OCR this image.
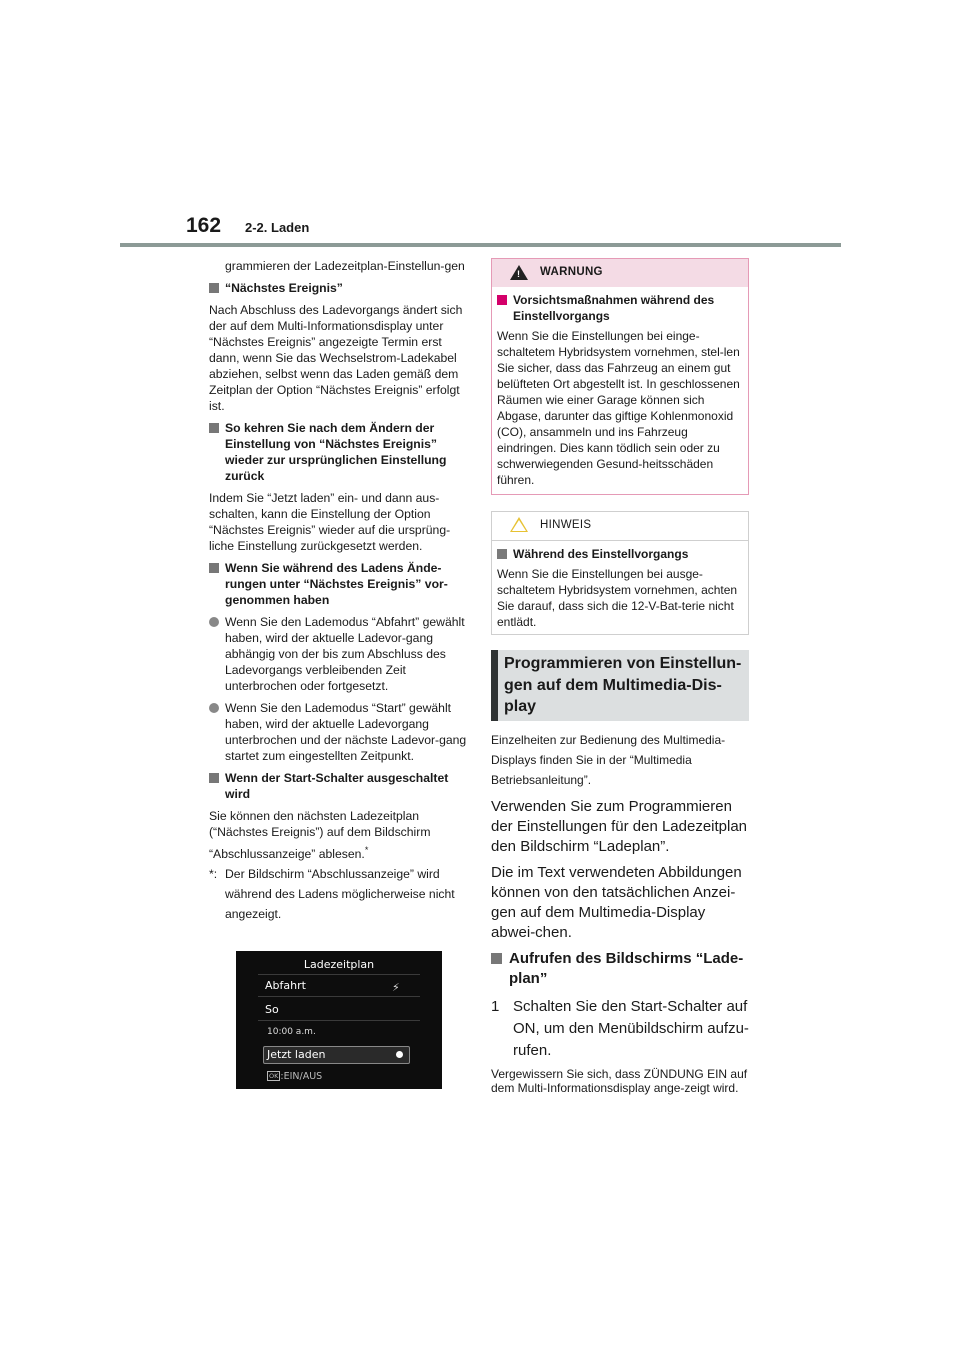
162 2-2. Laden

grammieren der Ladezeitplan-Einstellun-gen

“Nächstes Ereignis”

Nach Abschluss des Ladevorgangs ändert sich der auf dem Multi-Informationsdisplay unter “Nächstes Ereignis” angezeigte Termin erst dann, wenn Sie das Wechselstrom-Ladekabel abziehen, selbst wenn das Laden gemäß dem Zeitplan der Option “Nächstes Ereignis” erfolgt ist.

So kehren Sie nach dem Ändern der Einstellung von “Nächstes Ereignis” wieder zur ursprünglichen Einstellung zurück

Indem Sie “Jetzt laden” ein- und dann aus-schalten, kann die Einstellung der Option “Nächstes Ereignis” wieder auf die ursprüng-liche Einstellung zurückgesetzt werden.

Wenn Sie während des Ladens Ände-rungen unter “Nächstes Ereignis” vor-genommen haben

Wenn Sie den Lademodus “Abfahrt” gewählt haben, wird der aktuelle Ladevor-gang abhängig von der bis zum Abschluss des Ladevorgangs verbleibenden Zeit unterbrochen oder fortgesetzt.

Wenn Sie den Lademodus “Start” gewählt haben, wird der aktuelle Ladevorgang unterbrochen und der nächste Ladevor-gang startet zum eingestellten Zeitpunkt.

Wenn der Start-Schalter ausgeschaltet wird

Sie können den nächsten Ladezeitplan (“Nächstes Ereignis”) auf dem Bildschirm

“Abschlussanzeige” ablesen.*

*: Der Bildschirm “Abschlussanzeige” wird während des Ladens möglicherweise nicht angezeigt.

Ladezeitplan
Abfahrt	⚡
So
10:00 a.m.
Jetzt laden
OK :EIN/AUS
! WARNUNG

Vorsichtsmaßnahmen während des Einstellvorgangs

Wenn Sie die Einstellungen bei einge-schaltetem Hybridsystem vornehmen, stel-len Sie sicher, dass das Fahrzeug an einem gut belüfteten Ort abgestellt ist. In geschlossenen Räumen wie einer Garage können sich Abgase, darunter das giftige Kohlenmonoxid (CO), ansammeln und ins Fahrzeug eindringen. Dies kann tödlich sein oder zu schwerwiegenden Gesund-heitsschäden führen.

HINWEIS

Während des Einstellvorgangs

Wenn Sie die Einstellungen bei ausge-schaltetem Hybridsystem vornehmen, achten Sie darauf, dass sich die 12-V-Bat-terie nicht entlädt.

Programmieren von Einstellun-gen auf dem Multimedia-Dis-play

Einzelheiten zur Bedienung des Multimedia-Displays finden Sie in der “Multimedia Betriebsanleitung”.

Verwenden Sie zum Programmieren der Einstellungen für den Ladezeitplan den Bildschirm “Ladeplan”.

Die im Text verwendeten Abbildungen können von den tatsächlichen Anzei-gen auf dem Multimedia-Display abwei-chen.

Aufrufen des Bildschirms “Lade-plan”

1 Schalten Sie den Start-Schalter auf ON, um den Menübildschirm aufzu-rufen.

Vergewissern Sie sich, dass ZÜNDUNG EIN auf dem Multi-Informationsdisplay ange-zeigt wird.
